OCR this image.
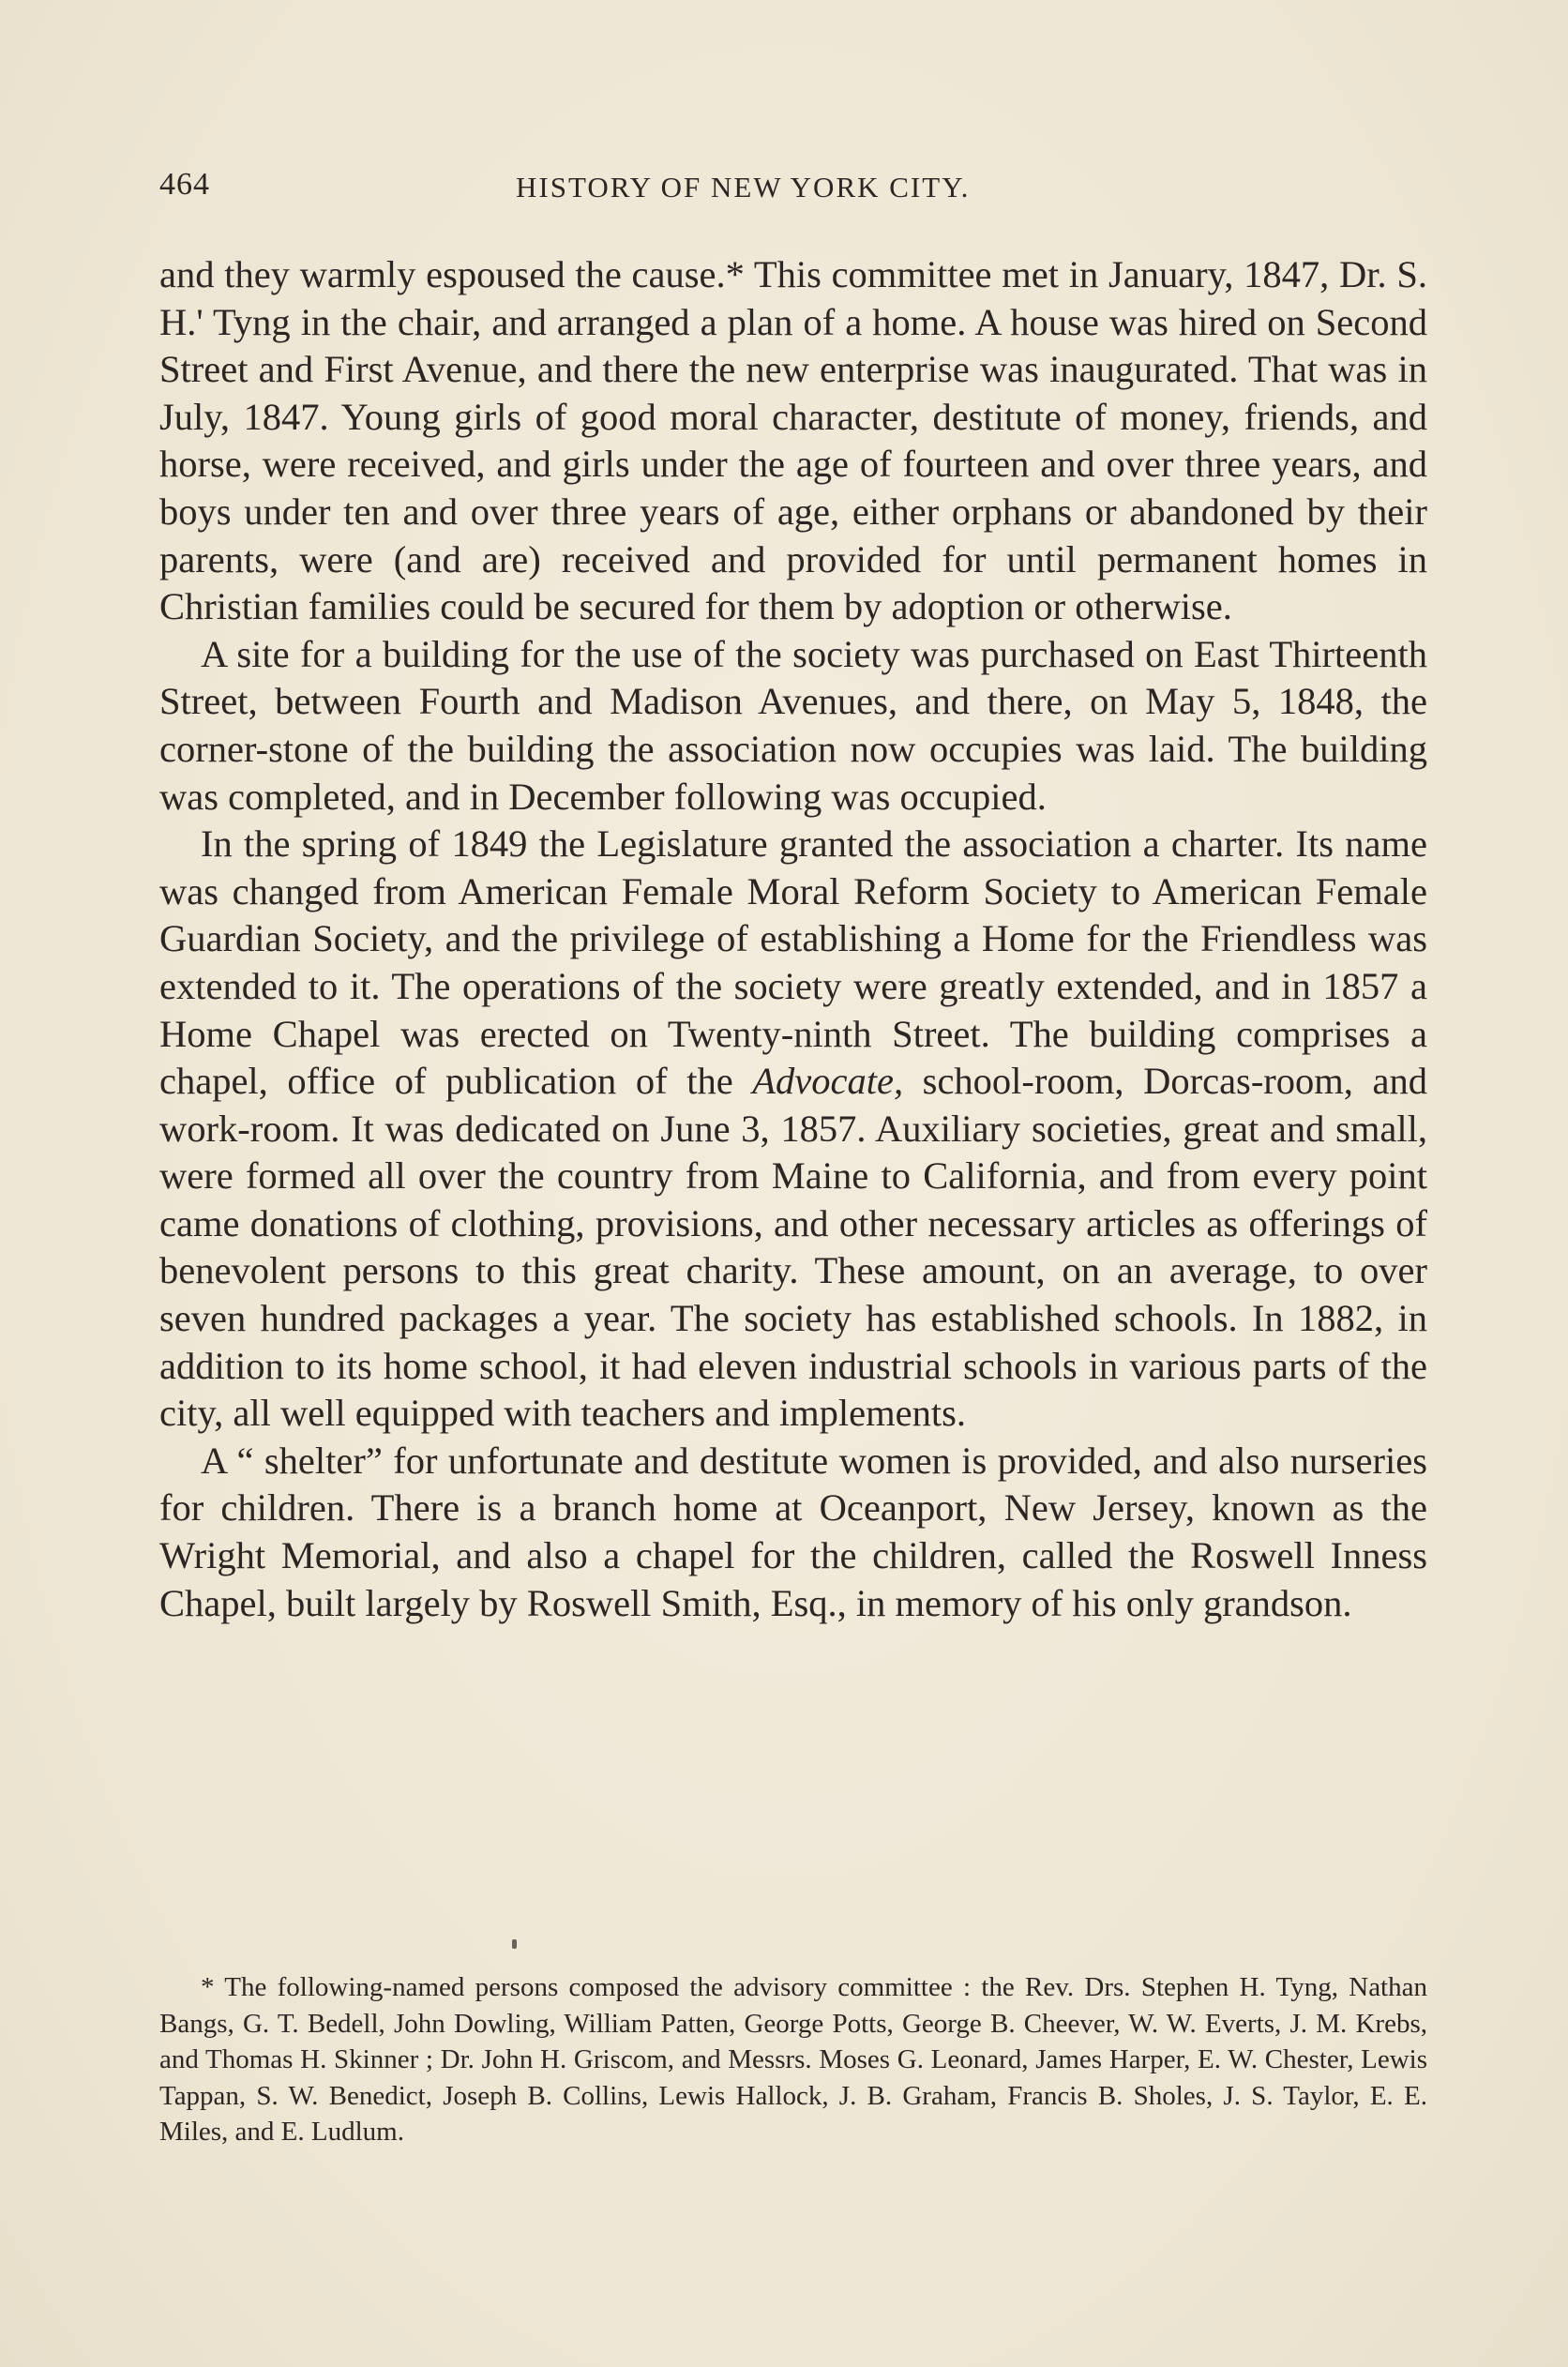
464	HISTORY OF NEW YORK CITY.

and they warmly espoused the cause.* This committee met in January, 1847, Dr. S. H.' Tyng in the chair, and arranged a plan of a home. A house was hired on Second Street and First Avenue, and there the new enterprise was inaugurated. That was in July, 1847. Young girls of good moral character, destitute of money, friends, and horse, were received, and girls under the age of fourteen and over three years, and boys under ten and over three years of age, either orphans or abandoned by their parents, were (and are) received and provided for until permanent homes in Christian families could be secured for them by adoption or otherwise.

A site for a building for the use of the society was purchased on East Thirteenth Street, between Fourth and Madison Avenues, and there, on May 5, 1848, the corner-stone of the building the association now occupies was laid. The building was completed, and in December following was occupied.

In the spring of 1849 the Legislature granted the association a charter. Its name was changed from American Female Moral Reform Society to American Female Guardian Society, and the privilege of establishing a Home for the Friendless was extended to it. The operations of the society were greatly extended, and in 1857 a Home Chapel was erected on Twenty-ninth Street. The building comprises a chapel, office of publication of the Advocate, school-room, Dorcas-room, and work-room. It was dedicated on June 3, 1857. Auxiliary societies, great and small, were formed all over the country from Maine to California, and from every point came donations of clothing, provisions, and other necessary articles as offerings of benevolent persons to this great charity. These amount, on an average, to over seven hundred packages a year. The society has established schools. In 1882, in addition to its home school, it had eleven industrial schools in various parts of the city, all well equipped with teachers and implements.

A “ shelter” for unfortunate and destitute women is provided, and also nurseries for children. There is a branch home at Oceanport, New Jersey, known as the Wright Memorial, and also a chapel for the children, called the Roswell Inness Chapel, built largely by Roswell Smith, Esq., in memory of his only grandson.

* The following-named persons composed the advisory committee : the Rev. Drs. Stephen H. Tyng, Nathan Bangs, G. T. Bedell, John Dowling, William Patten, George Potts, George B. Cheever, W. W. Everts, J. M. Krebs, and Thomas H. Skinner ; Dr. John H. Griscom, and Messrs. Moses G. Leonard, James Harper, E. W. Chester, Lewis Tappan, S. W. Benedict, Joseph B. Collins, Lewis Hallock, J. B. Graham, Francis B. Sholes, J. S. Taylor, E. E. Miles, and E. Ludlum.
